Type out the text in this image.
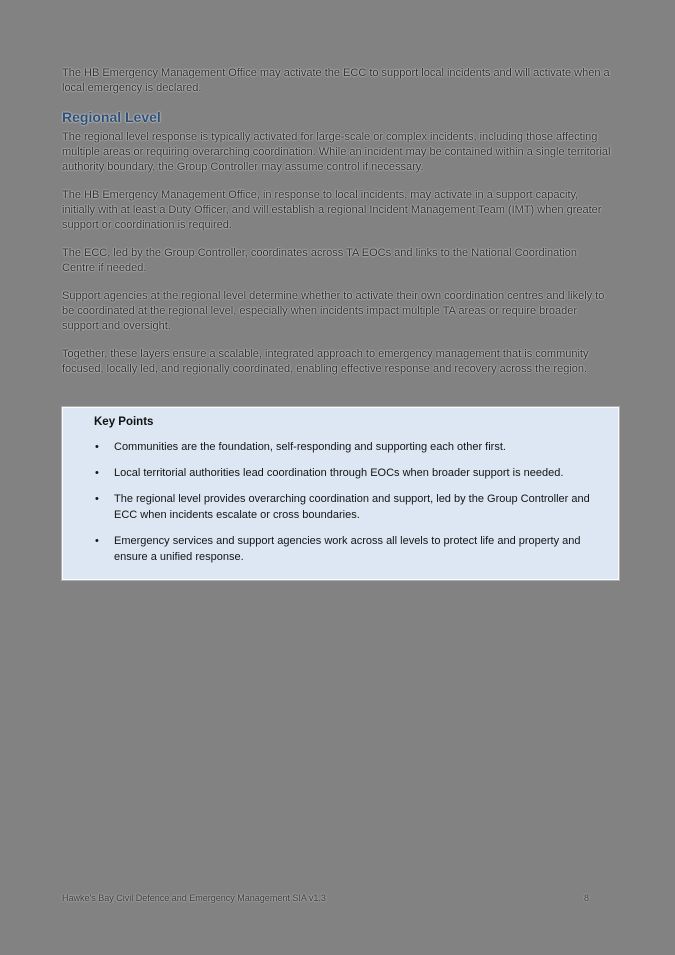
The HB Emergency Management Office may activate the ECC to support local incidents and will activate when a local emergency is declared.

Regional Level

The regional level response is typically activated for large-scale or complex incidents, including those affecting multiple areas or requiring overarching coordination. While an incident may be contained within a single territorial authority boundary, the Group Controller may assume control if necessary.

The HB Emergency Management Office, in response to local incidents, may activate in a support capacity, initially with at least a Duty Officer, and will establish a regional Incident Management Team (IMT) when greater support or coordination is required.

The ECC, led by the Group Controller, coordinates across TA EOCs and links to the National Coordination Centre if needed.

Support agencies at the regional level determine whether to activate their own coordination centres and likely to be coordinated at the regional level, especially when incidents impact multiple TA areas or require broader support and oversight.

Together, these layers ensure a scalable, integrated approach to emergency management that is community focused, locally led, and regionally coordinated, enabling effective response and recovery across the region.

Key Points
• Communities are the foundation, self-responding and supporting each other first.
• Local territorial authorities lead coordination through EOCs when broader support is needed.
• The regional level provides overarching coordination and support, led by the Group Controller and ECC when incidents escalate or cross boundaries.
• Emergency services and support agencies work across all levels to protect life and property and ensure a unified response.
Hawke's Bay Civil Defence and Emergency Management SIA v1.3	8
